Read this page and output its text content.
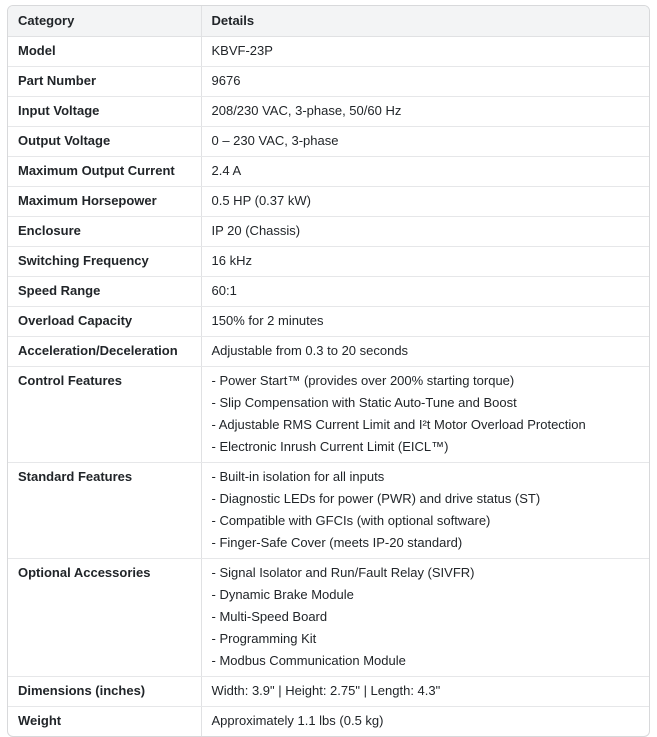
Category	Details
Model	KBVF-23P

Part Number	9676

Input Voltage	208/230 VAC, 3-phase, 50/60 Hz

Output Voltage	0 – 230 VAC, 3-phase

Maximum Output Current	2.4 A

Maximum Horsepower	0.5 HP (0.37 kW)

Enclosure	IP 20 (Chassis)

Switching Frequency	16 kHz

Speed Range	60:1

Overload Capacity	150% for 2 minutes

Acceleration/Deceleration	Adjustable from 0.3 to 20 seconds

Control Features	- Power Start™ (provides over 200% starting torque)
- Slip Compensation with Static Auto-Tune and Boost
- Adjustable RMS Current Limit and I²t Motor Overload Protection
- Electronic Inrush Current Limit (EICL™)

Standard Features	- Built-in isolation for all inputs
- Diagnostic LEDs for power (PWR) and drive status (ST)
- Compatible with GFCIs (with optional software)
- Finger-Safe Cover (meets IP-20 standard)

Optional Accessories	- Signal Isolator and Run/Fault Relay (SIVFR)
- Dynamic Brake Module
- Multi-Speed Board
- Programming Kit
- Modbus Communication Module

Dimensions (inches)	Width: 3.9" | Height: 2.75" | Length: 4.3"

Weight	Approximately 1.1 lbs (0.5 kg)
